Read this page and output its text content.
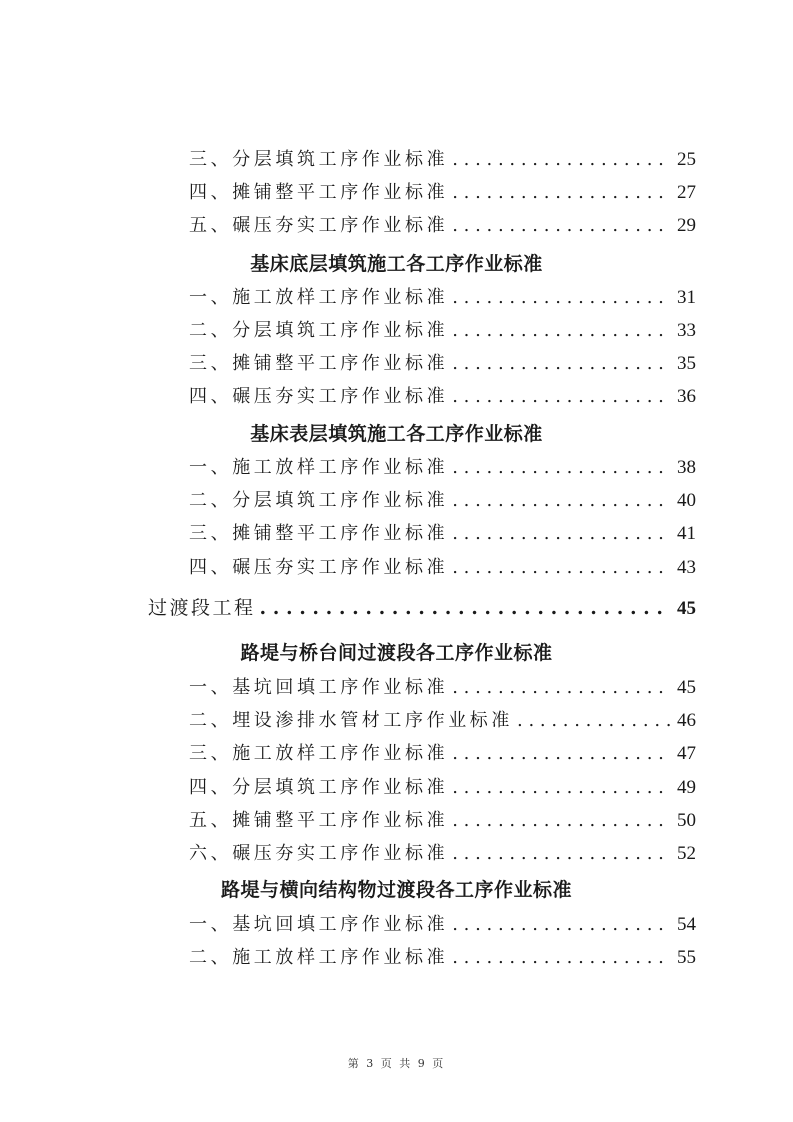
三、分层填筑工序作业标准 . . .	25
四、摊铺整平工序作业标准 . . .	27
五、碾压夯实工序作业标准 . . .	29
基床底层填筑施工各工序作业标准
一、施工放样工序作业标准 . . .	31
二、分层填筑工序作业标准 . . .	33
三、摊铺整平工序作业标准 . . .	35
四、碾压夯实工序作业标准 . . .	36
基床表层填筑施工各工序作业标准
一、施工放样工序作业标准 . . .	38
二、分层填筑工序作业标准 . . .	40
三、摊铺整平工序作业标准 . . .	41
四、碾压夯实工序作业标准 . . .	43
过渡段工程 . . .	45
路堤与桥台间过渡段各工序作业标准
一、基坑回填工序作业标准 . . .	45
二、埋设渗排水管材工序作业标准 . . .	46
三、施工放样工序作业标准 . . .	47
四、分层填筑工序作业标准 . . .	49
五、摊铺整平工序作业标准 . . .	50
六、碾压夯实工序作业标准 . . .	52
路堤与横向结构物过渡段各工序作业标准
一、基坑回填工序作业标准 . . .	54
二、施工放样工序作业标准 . . .	55
第 3 页 共 9 页
